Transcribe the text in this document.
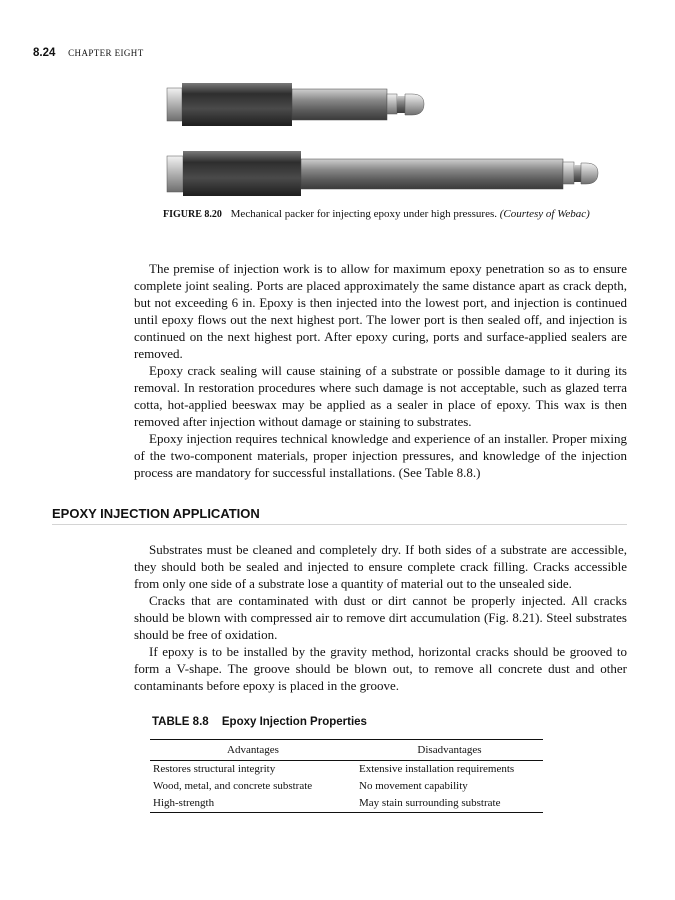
8.24 CHAPTER EIGHT
FIGURE 8.20 Mechanical packer for injecting epoxy under high pressures. (Courtesy of Webac)

The premise of injection work is to allow for maximum epoxy penetration so as to ensure complete joint sealing. Ports are placed approximately the same distance apart as crack depth, but not exceeding 6 in. Epoxy is then injected into the lowest port, and injection is continued until epoxy flows out the next highest port. The lower port is then sealed off, and injection is continued on the next highest port. After epoxy curing, ports and surface-applied sealers are removed.

Epoxy crack sealing will cause staining of a substrate or possible damage to it during its removal. In restoration procedures where such damage is not acceptable, such as glazed terra cotta, hot-applied beeswax may be applied as a sealer in place of epoxy. This wax is then removed after injection without damage or staining to substrates.

Epoxy injection requires technical knowledge and experience of an installer. Proper mixing of the two-component materials, proper injection pressures, and knowledge of the injection process are mandatory for successful installations. (See Table 8.8.)

EPOXY INJECTION APPLICATION

Substrates must be cleaned and completely dry. If both sides of a substrate are accessible, they should both be sealed and injected to ensure complete crack filling. Cracks accessible from only one side of a substrate lose a quantity of material out to the unsealed side.

Cracks that are contaminated with dust or dirt cannot be properly injected. All cracks should be blown with compressed air to remove dirt accumulation (Fig. 8.21). Steel substrates should be free of oxidation.

If epoxy is to be installed by the gravity method, horizontal cracks should be grooved to form a V-shape. The groove should be blown out, to remove all concrete dust and other contaminants before epoxy is placed in the groove.

TABLE 8.8 Epoxy Injection Properties
Advantages	Disadvantages
Restores structural integrity	Extensive installation requirements
Wood, metal, and concrete substrate	No movement capability
High-strength	May stain surrounding substrate
